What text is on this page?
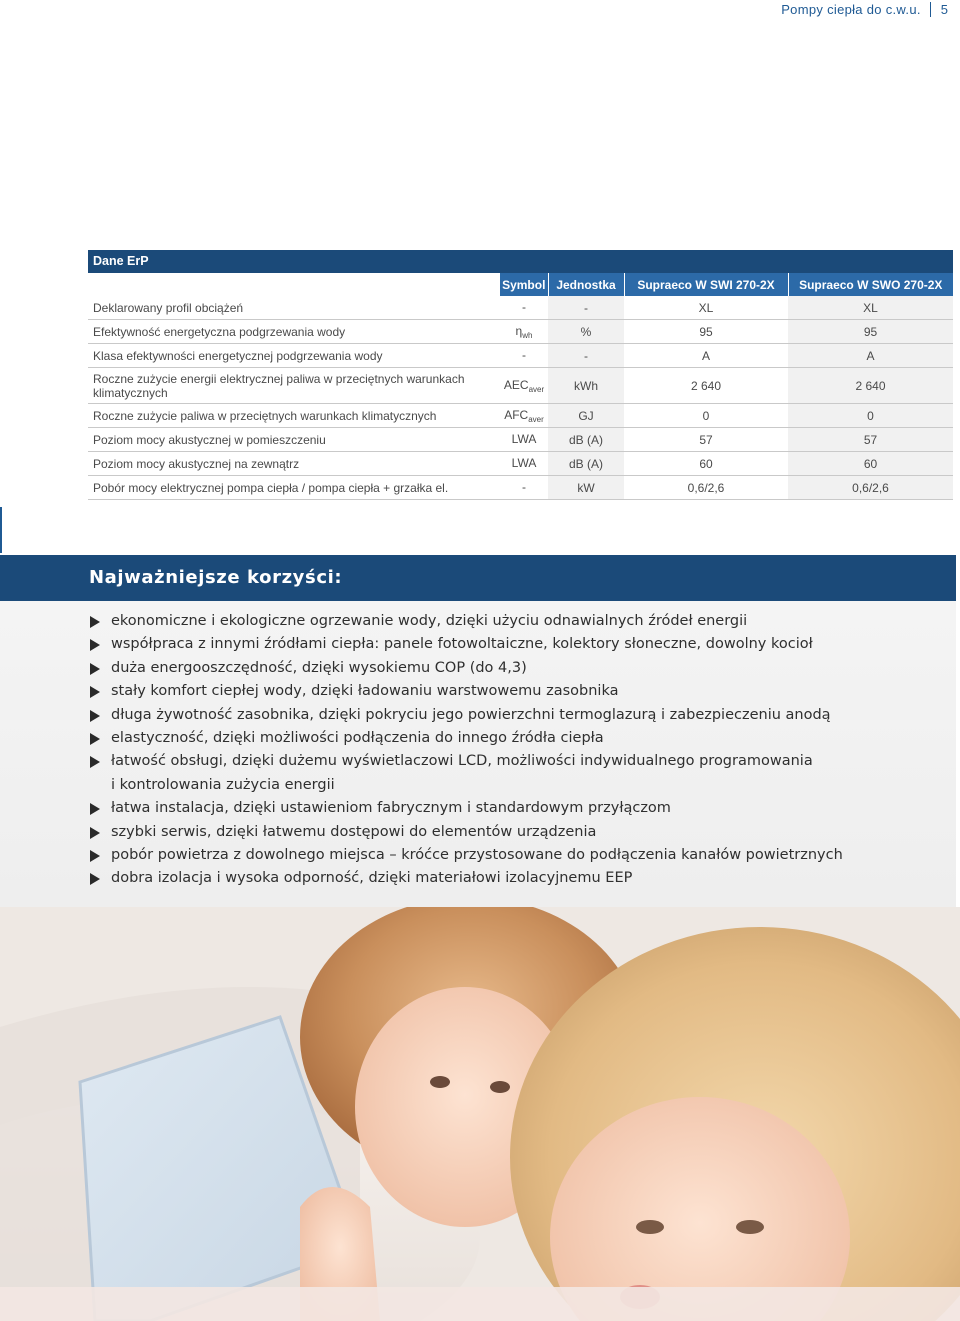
Pompy ciepła do c.w.u. 5
Dane ErP
	Symbol	Jednostka	Supraeco W SWI 270-2X	Supraeco W SWO 270-2X
Deklarowany profil obciążeń	-	-	XL	XL
Efektywność energetyczna podgrzewania wody	$\eta_{wh}$	%	95	95
Klasa efektywności energetycznej podgrzewania wody	-	-	A	A
Roczne zużycie energii elektrycznej paliwa w przeciętnych warunkach klimatycznych	$AEC_{aver}$	kWh	2 640	2 640
Roczne zużycie paliwa w przeciętnych warunkach klimatycznych	$AFC_{aver}$	GJ	0	0
Poziom mocy akustycznej w pomieszczeniu	LWA	dB (A)	57	57
Poziom mocy akustycznej na zewnątrz	LWA	dB (A)	60	60
Pobór mocy elektrycznej pompa ciepła / pompa ciepła + grzałka el.	-	kW	0,6/2,6	0,6/2,6
Najważniejsze korzyści:
ekonomiczne i ekologiczne ogrzewanie wody, dzięki użyciu odnawialnych źródeł energii
współpraca z innymi źródłami ciepła: panele fotowoltaiczne, kolektory słoneczne, dowolny kocioł
duża energooszczędność, dzięki wysokiemu COP (do 4,3)
stały komfort ciepłej wody, dzięki ładowaniu warstwowemu zasobnika
długa żywotność zasobnika, dzięki pokryciu jego powierzchni termoglazurą i zabezpieczeniu anodą
elastyczność, dzięki możliwości podłączenia do innego źródła ciepła
łatwość obsługi, dzięki dużemu wyświetlaczowi LCD, możliwości indywidualnego programowania
i kontrolowania zużycia energii
łatwa instalacja, dzięki ustawieniom fabrycznym i standardowym przyłączom
szybki serwis, dzięki łatwemu dostępowi do elementów urządzenia
pobór powietrza z dowolnego miejsca – króćce przystosowane do podłączenia kanałów powietrznych
dobra izolacja i wysoka odporność, dzięki materiałowi izolacyjnemu EEP
